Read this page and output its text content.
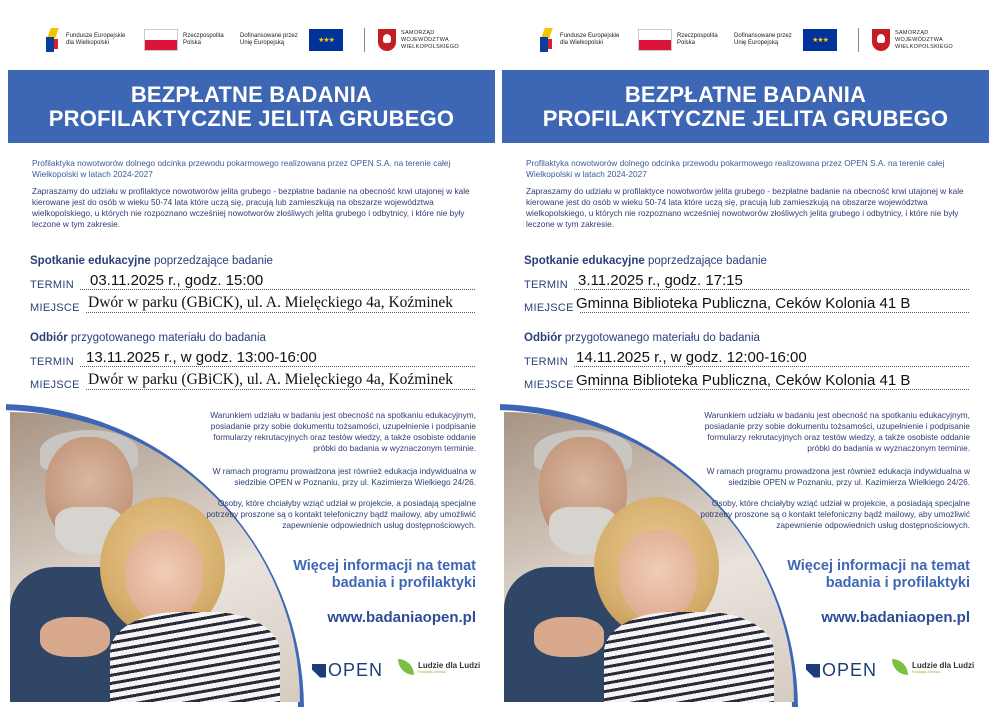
Fundusze Europejskie
dla Wielkopolski
Rzeczpospolita
Polska
Dofinansowane przez
Unię Europejską	★★★
SAMORZĄD
WOJEWÓDZTWA
WIELKOPOLSKIEGO
BEZPŁATNE BADANIA
PROFILAKTYCZNE JELITA GRUBEGO
Profilaktyka nowotworów dolnego odcinka przewodu pokarmowego realizowana przez OPEN S.A. na terenie całej Wielkopolski w latach 2024-2027
Zapraszamy do udziału w profilaktyce nowotworów jelita grubego - bezpłatne badanie na obecność krwi utajonej w kale kierowane jest do osób w wieku 50-74 lata które uczą się, pracują lub zamieszkują na obszarze województwa wielkopolskiego, u których nie rozpoznano wcześniej nowotworów złośliwych jelita grubego i odbytnicy, i które nie były leczone w tym zakresie.
Spotkanie edukacyjne poprzedzające badanie
TERMIN 03.11.2025 r., godz. 15:00
MIEJSCE Dwór w parku (GBiCK), ul. A. Mielęckiego 4a, Koźminek
Odbiór przygotowanego materiału do badania
TERMIN 13.11.2025 r., w godz. 13:00-16:00
MIEJSCE Dwór w parku (GBiCK), ul. A. Mielęckiego 4a, Koźminek
Warunkiem udziału w badaniu jest obecność na spotkaniu edukacyjnym, posiadanie przy sobie dokumentu tożsamości, uzupełnienie i podpisanie formularzy rekrutacyjnych oraz testów wiedzy, a także osobiste oddanie próbki do badania w wyznaczonym terminie.
W ramach programu prowadzona jest również edukacja indywidualna w siedzibie OPEN w Poznaniu, przy ul. Kazimierza Wielkiego 24/26.
Osoby, które chciałyby wziąć udział w projekcie, a posiadają specjalne potrzeby proszone są o kontakt telefoniczny bądź mailowy, aby umożliwić zapewnienie odpowiednich usług dostępnościowych.
Więcej informacji na temat badania i profilaktyki
www.badaniaopen.pl
OPEN	Ludzie dla Ludzi
Fundacja Zdrowia
Fundusze Europejskie
dla Wielkopolski
Rzeczpospolita
Polska
Dofinansowane przez
Unię Europejską	★★★
SAMORZĄD
WOJEWÓDZTWA
WIELKOPOLSKIEGO
BEZPŁATNE BADANIA
PROFILAKTYCZNE JELITA GRUBEGO
Profilaktyka nowotworów dolnego odcinka przewodu pokarmowego realizowana przez OPEN S.A. na terenie całej Wielkopolski w latach 2024-2027
Zapraszamy do udziału w profilaktyce nowotworów jelita grubego - bezpłatne badanie na obecność krwi utajonej w kale kierowane jest do osób w wieku 50-74 lata które uczą się, pracują lub zamieszkują na obszarze województwa wielkopolskiego, u których nie rozpoznano wcześniej nowotworów złośliwych jelita grubego i odbytnicy, i które nie były leczone w tym zakresie.
Spotkanie edukacyjne poprzedzające badanie
TERMIN 3.11.2025 r., godz. 17:15
MIEJSCE Gminna Biblioteka Publiczna, Ceków Kolonia 41 B
Odbiór przygotowanego materiału do badania
TERMIN 14.11.2025 r., w godz. 12:00-16:00
MIEJSCE Gminna Biblioteka Publiczna, Ceków Kolonia 41 B
Warunkiem udziału w badaniu jest obecność na spotkaniu edukacyjnym, posiadanie przy sobie dokumentu tożsamości, uzupełnienie i podpisanie formularzy rekrutacyjnych oraz testów wiedzy, a także osobiste oddanie próbki do badania w wyznaczonym terminie.
W ramach programu prowadzona jest również edukacja indywidualna w siedzibie OPEN w Poznaniu, przy ul. Kazimierza Wielkiego 24/26.
Osoby, które chciałyby wziąć udział w projekcie, a posiadają specjalne potrzeby proszone są o kontakt telefoniczny bądź mailowy, aby umożliwić zapewnienie odpowiednich usług dostępnościowych.
Więcej informacji na temat badania i profilaktyki
www.badaniaopen.pl
OPEN	Ludzie dla Ludzi
Fundacja Zdrowia
